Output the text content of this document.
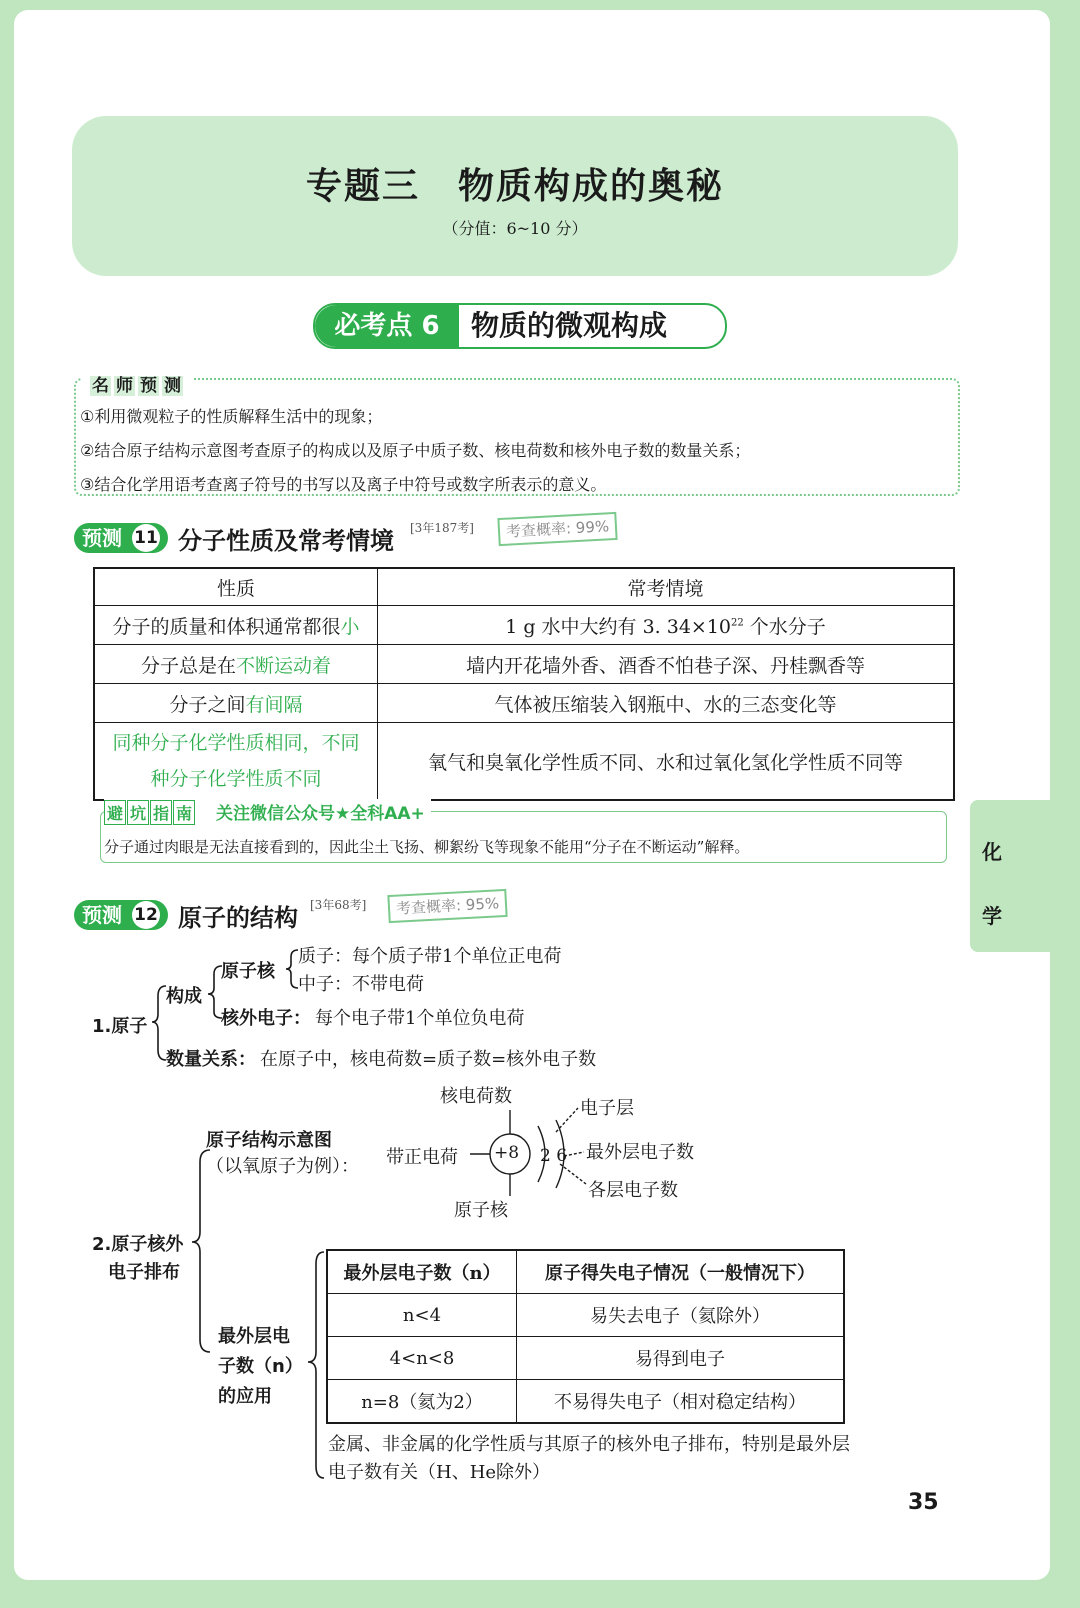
专题三　物质构成的奥秘
（分值：6~10 分）
必考点 6	物质的微观构成
名 师 预 测
①利用微观粒子的性质解释生活中的现象；
②结合原子结构示意图考查原子的构成以及原子中质子数、核电荷数和核外电子数的数量关系；
③结合化学用语考查离子符号的书写以及离子中符号或数字所表示的意义。
预测 11 分子性质及常考情境 [3年187考]	考查概率: 99%
性质	常考情境
分子的质量和体积通常都很小	1 g 水中大约有 3. $34\times 10^{22}$ 个水分子
分子总是在不断运动着	墙内开花墙外香、酒香不怕巷子深、丹桂飘香等
分子之间有间隔	气体被压缩装入钢瓶中、水的三态变化等
同种分子化学性质相同，不同
种分子化学性质不同	氧气和臭氧化学性质不同、水和过氧化氢化学性质不同等
避 坑 指 南 关注微信公众号★全科AA+
分子通过肉眼是无法直接看到的，因此尘土飞扬、柳絮纷飞等现象不能用“分子在不断运动”解释。	化
学
预测 12 原子的结构 [3年68考]	考查概率: 95%
1.原子
构成
原子核
质子：每个质子带1个单位正电荷
中子：不带电荷
核外电子： 每个电子带1个单位负电荷
数量关系： 在原子中，核电荷数=质子数=核外电子数
2.原子核外
电子排布
原子结构示意图
（以氧原子为例）：
核电荷数
带正电荷 +8 2 6
原子核
电子层
最外层电子数
各层电子数
最外层电
子数（n）
的应用
最外层电子数（n）	原子得失电子情况（一般情况下）
n<4	易失去电子（氦除外）
4<n<8	易得到电子
n=8（氦为2）	不易得失电子（相对稳定结构）
金属、非金属的化学性质与其原子的核外电子排布，特别是最外层
电子数有关（H、He除外）
35
